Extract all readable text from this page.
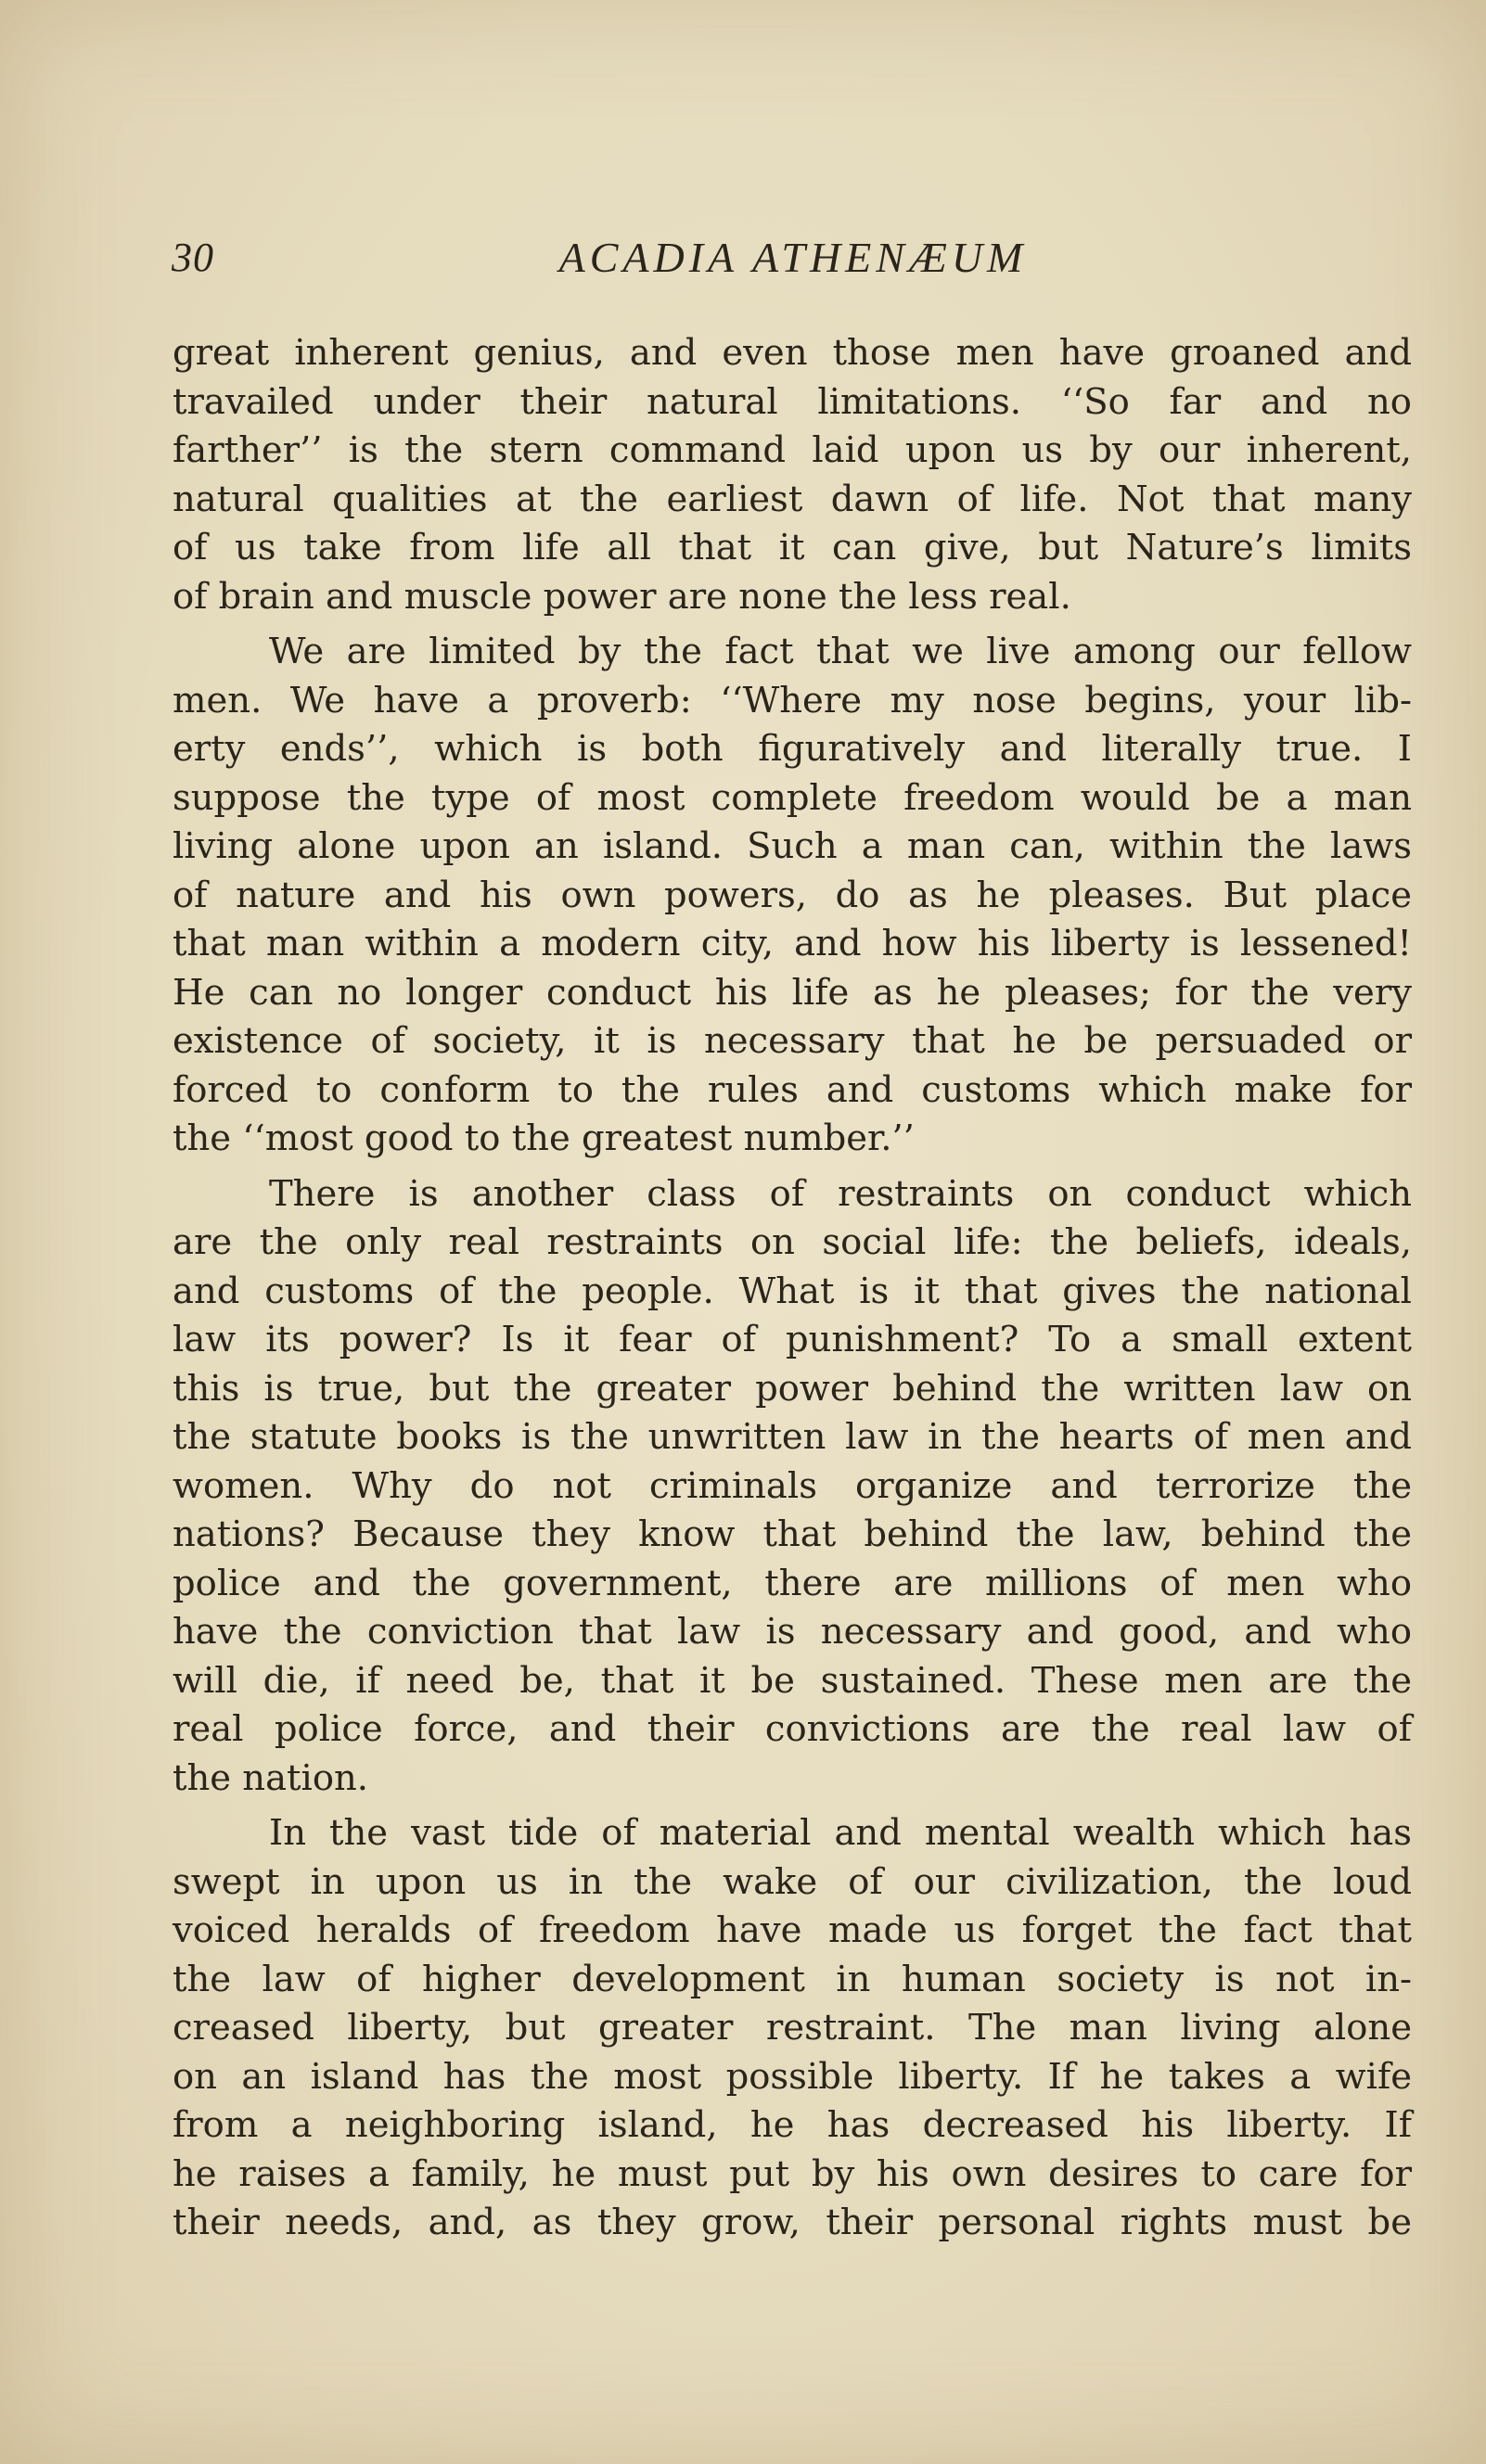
30	ACADIA ATHENÆUM
great inherent genius, and even those men have groaned and
travailed under their natural limitations. ‘‘So far and no
farther’’ is the stern command laid upon us by our inherent,
natural qualities at the earliest dawn of life. Not that many
of us take from life all that it can give, but Nature’s limits
of brain and muscle power are none the less real.
We are limited by the fact that we live among our fellow
men. We have a proverb: ‘‘Where my nose begins, your lib-
erty ends’’, which is both figuratively and literally true. I
suppose the type of most complete freedom would be a man
living alone upon an island. Such a man can, within the laws
of nature and his own powers, do as he pleases. But place
that man within a modern city, and how his liberty is lessened!
He can no longer conduct his life as he pleases; for the very
existence of society, it is necessary that he be persuaded or
forced to conform to the rules and customs which make for
the ‘‘most good to the greatest number.’’
There is another class of restraints on conduct which
are the only real restraints on social life: the beliefs, ideals,
and customs of the people. What is it that gives the national
law its power? Is it fear of punishment? To a small extent
this is true, but the greater power behind the written law on
the statute books is the unwritten law in the hearts of men and
women. Why do not criminals organize and terrorize the
nations? Because they know that behind the law, behind the
police and the government, there are millions of men who
have the conviction that law is necessary and good, and who
will die, if need be, that it be sustained. These men are the
real police force, and their convictions are the real law of
the nation.
In the vast tide of material and mental wealth which has
swept in upon us in the wake of our civilization, the loud
voiced heralds of freedom have made us forget the fact that
the law of higher development in human society is not in-
creased liberty, but greater restraint. The man living alone
on an island has the most possible liberty. If he takes a wife
from a neighboring island, he has decreased his liberty. If
he raises a family, he must put by his own desires to care for
their needs, and, as they grow, their personal rights must be
